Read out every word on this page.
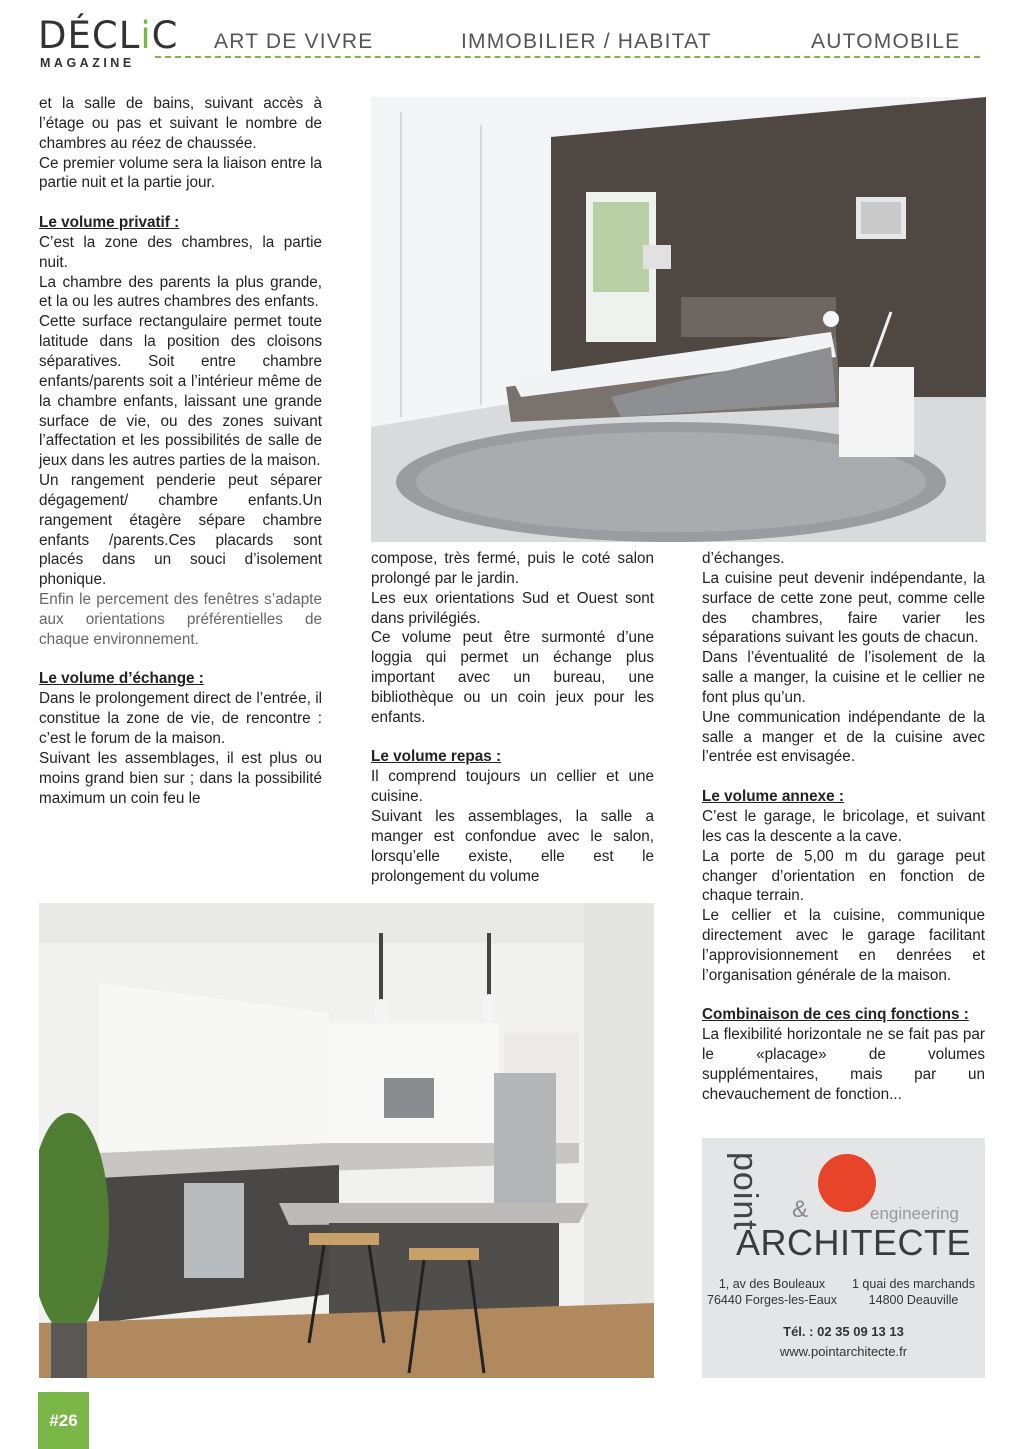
DÉCLiC
MAGAZINE
ART DE VIVRE	IMMOBILIER / HABITAT	AUTOMOBILE

et la salle de bains, suivant accès à l’étage ou pas et suivant le nombre de chambres au réez de chaussée.

Ce premier volume sera la liaison entre la partie nuit et la partie jour.

Le volume privatif :

C’est la zone des chambres, la partie nuit.

La chambre des parents la plus grande, et la ou les autres chambres des enfants.

Cette surface rectangulaire permet toute latitude dans la position des cloisons séparatives. Soit entre chambre enfants/parents soit a l’intérieur même de la chambre enfants, laissant une grande surface de vie, ou des zones suivant l’affectation et les possibilités de salle de jeux dans les autres parties de la maison.

Un rangement penderie peut séparer dégagement/ chambre enfants.Un rangement étagère sépare chambre enfants /parents.Ces placards sont placés dans un souci d’isolement phonique.

Enfin le percement des fenêtres s’adapte aux orientations préférentielles de chaque environnement.

Le volume d’échange :

Dans le prolongement direct de l’entrée, il constitue la zone de vie, de rencontre : c’est le forum de la maison.

Suivant les assemblages, il est plus ou moins grand bien sur ; dans la possibilité maximum un coin feu le

compose, très fermé, puis le coté salon prolongé par le jardin.

Les eux orientations Sud et Ouest sont dans privilégiés.

Ce volume peut être surmonté d’une loggia qui permet un échange plus important avec un bureau, une bibliothèque ou un coin jeux pour les enfants.

Le volume repas :

Il comprend toujours un cellier et une cuisine.

Suivant les assemblages, la salle a manger est confondue avec le salon, lorsqu’elle existe, elle est le prolongement du volume

d’échanges.

La cuisine peut devenir indépendante, la surface de cette zone peut, comme celle des chambres, faire varier les séparations suivant les gouts de chacun.

Dans l’éventualité de l’isolement de la salle a manger, la cuisine et le cellier ne font plus qu’un.

Une communication indépendante de la salle a manger et de la cuisine avec l’entrée est envisagée.

Le volume annexe :

C’est le garage, le bricolage, et suivant les cas la descente a la cave.

La porte de 5,00 m du garage peut changer d’orientation en fonction de chaque terrain.

Le cellier et la cuisine, communique directement avec le garage facilitant l’approvisionnement en denrées et l’organisation générale de la maison.

Combinaison de ces cinq fonctions :

La flexibilité horizontale ne se fait pas par le «placage» de volumes supplémentaires, mais par un chevauchement de fonction...

point &	engineering
ARCHITECTE
1, av des Bouleaux
76440 Forges-les-Eaux
1 quai des marchands
14800 Deauville
Tél. : 02 35 09 13 13
www.pointarchitecte.fr
#26
